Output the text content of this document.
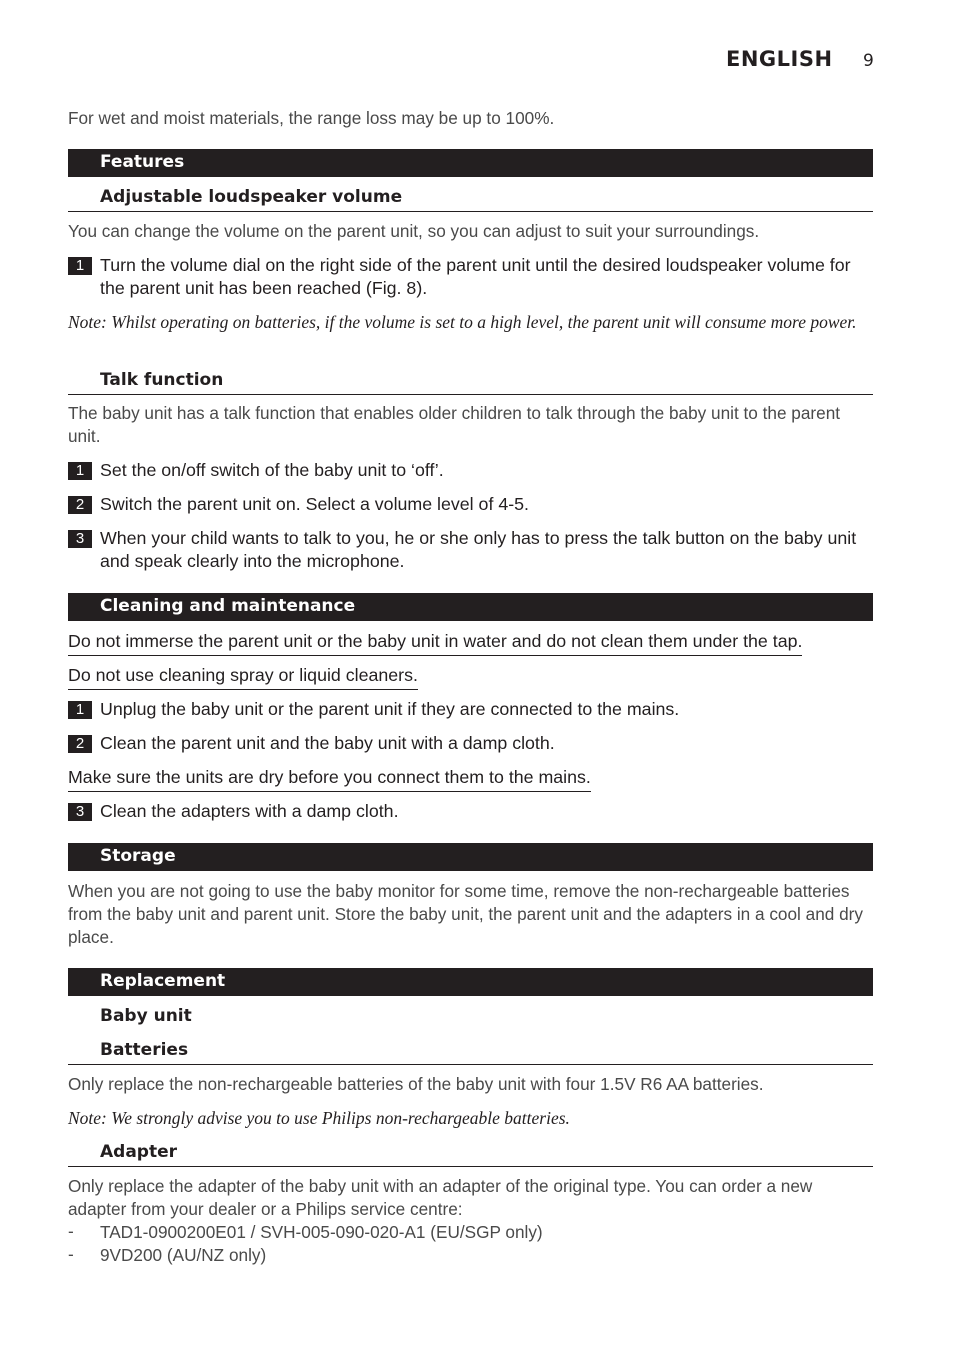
ENGLISH 9
For wet and moist materials, the range loss may be up to 100%.
Features
Adjustable loudspeaker volume
You can change the volume on the parent unit, so you can adjust to suit your surroundings.
1 Turn the volume dial on the right side of the parent unit until the desired loudspeaker volume for the parent unit has been reached (Fig. 8).
Note: Whilst operating on batteries, if the volume is set to a high level, the parent unit will consume more power.
Talk function
The baby unit has a talk function that enables older children to talk through the baby unit to the parent unit.
1 Set the on/off switch of the baby unit to ‘off’.
2 Switch the parent unit on. Select a volume level of 4-5.
3 When your child wants to talk to you, he or she only has to press the talk button on the baby unit and speak clearly into the microphone.
Cleaning and maintenance
Do not immerse the parent unit or the baby unit in water and do not clean them under the tap.
Do not use cleaning spray or liquid cleaners.
1 Unplug the baby unit or the parent unit if they are connected to the mains.
2 Clean the parent unit and the baby unit with a damp cloth.
Make sure the units are dry before you connect them to the mains.
3 Clean the adapters with a damp cloth.
Storage
When you are not going to use the baby monitor for some time, remove the non-rechargeable batteries from the baby unit and parent unit. Store the baby unit, the parent unit and the adapters in a cool and dry place.
Replacement
Baby unit
Batteries
Only replace the non-rechargeable batteries of the baby unit with four 1.5V R6 AA batteries.
Note: We strongly advise you to use Philips non-rechargeable batteries.
Adapter
Only replace the adapter of the baby unit with an adapter of the original type. You can order a new adapter from your dealer or a Philips service centre:
- TAD1-0900200E01 / SVH-005-090-020-A1 (EU/SGP only)
- 9VD200 (AU/NZ only)
